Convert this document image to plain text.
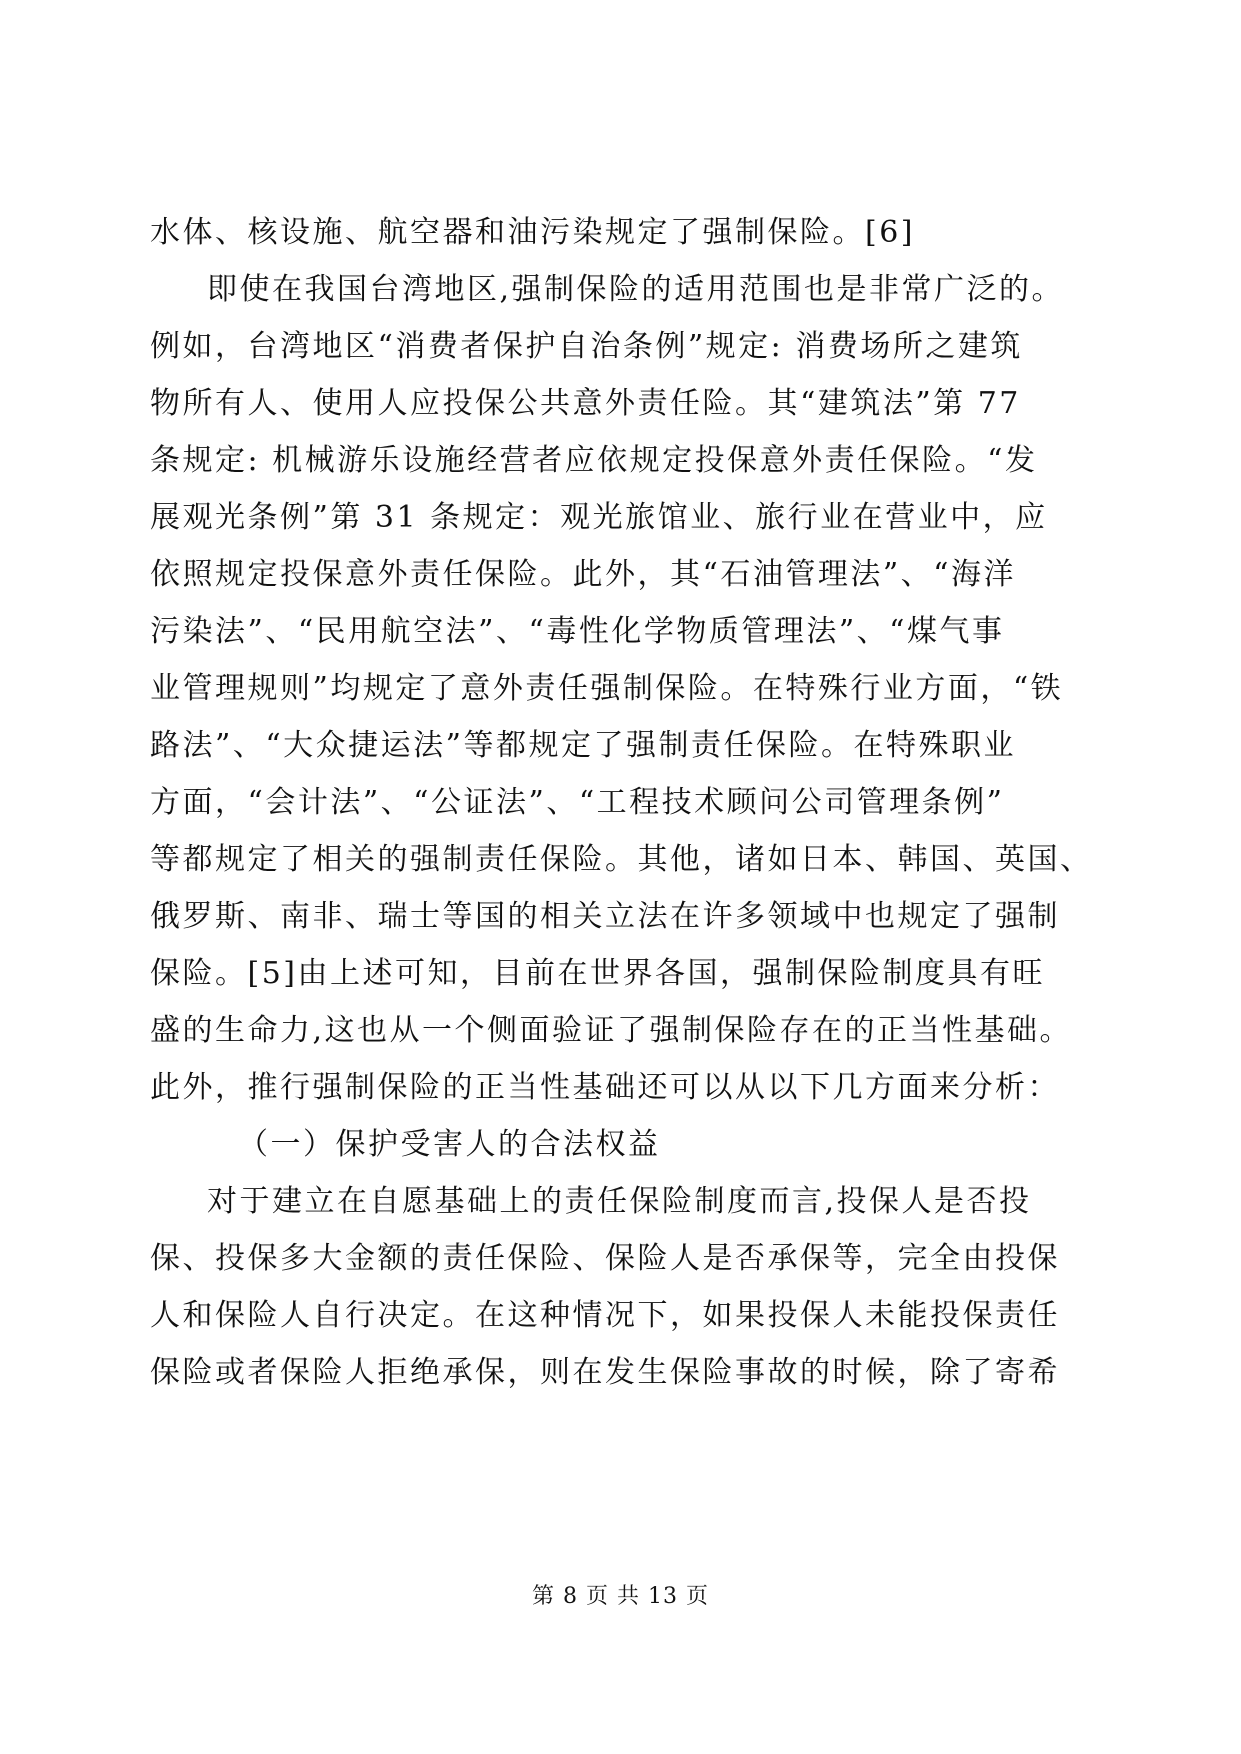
水体、核设施、航空器和油污染规定了强制保险。[6]
即使在我国台湾地区,强制保险的适用范围也是非常广泛的。
例如，台湾地区“消费者保护自治条例”规定: 消费场所之建筑
物所有人、使用人应投保公共意外责任险。其“建筑法”第 77
条规定: 机械游乐设施经营者应依规定投保意外责任保险。“发
展观光条例”第 31 条规定：观光旅馆业、旅行业在营业中，应
依照规定投保意外责任保险。此外，其“石油管理法”、“海洋
污染法”、“民用航空法”、“毒性化学物质管理法”、“煤气事
业管理规则”均规定了意外责任强制保险。在特殊行业方面，“铁
路法”、“大众捷运法”等都规定了强制责任保险。在特殊职业
方面，“会计法”、“公证法”、“工程技术顾问公司管理条例”
等都规定了相关的强制责任保险。其他，诸如日本、韩国、英国、
俄罗斯、南非、瑞士等国的相关立法在许多领域中也规定了强制
保险。[5]由上述可知，目前在世界各国，强制保险制度具有旺
盛的生命力,这也从一个侧面验证了强制保险存在的正当性基础。
此外，推行强制保险的正当性基础还可以从以下几方面来分析：
（一）保护受害人的合法权益
对于建立在自愿基础上的责任保险制度而言,投保人是否投
保、投保多大金额的责任保险、保险人是否承保等，完全由投保
人和保险人自行决定。在这种情况下，如果投保人未能投保责任
保险或者保险人拒绝承保，则在发生保险事故的时候，除了寄希
第 8 页 共 13 页
